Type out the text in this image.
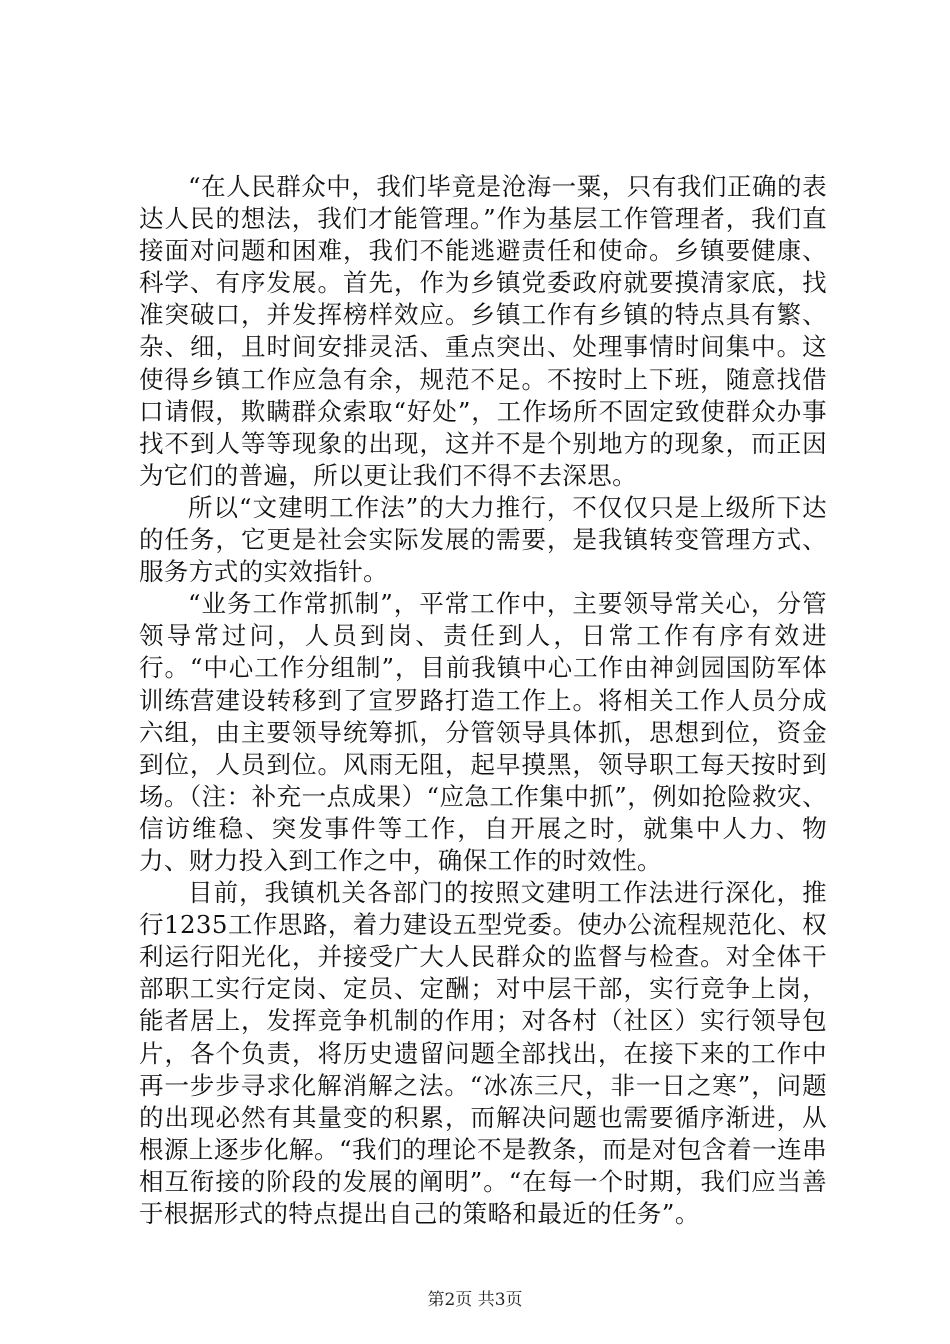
“在人民群众中，我们毕竟是沧海一粟，只有我们正确的表达人民的想法，我们才能管理。”作为基层工作管理者，我们直接面对问题和困难，我们不能逃避责任和使命。乡镇要健康、科学、有序发展。首先，作为乡镇党委政府就要摸清家底，找准突破口，并发挥榜样效应。乡镇工作有乡镇的特点具有繁、杂、细，且时间安排灵活、重点突出、处理事情时间集中。这使得乡镇工作应急有余，规范不足。不按时上下班，随意找借口请假，欺瞒群众索取“好处”，工作场所不固定致使群众办事找不到人等等现象的出现，这并不是个别地方的现象，而正因为它们的普遍，所以更让我们不得不去深思。

所以“文建明工作法”的大力推行，不仅仅只是上级所下达的任务，它更是社会实际发展的需要，是我镇转变管理方式、服务方式的实效指针。

“业务工作常抓制”，平常工作中，主要领导常关心，分管领导常过问，人员到岗、责任到人，日常工作有序有效进行。“中心工作分组制”，目前我镇中心工作由神剑园国防军体训练营建设转移到了宣罗路打造工作上。将相关工作人员分成六组，由主要领导统筹抓，分管领导具体抓，思想到位，资金到位，人员到位。风雨无阻，起早摸黑，领导职工每天按时到场。（注：补充一点成果）“应急工作集中抓”，例如抢险救灾、信访维稳、突发事件等工作，自开展之时，就集中人力、物力、财力投入到工作之中，确保工作的时效性。

目前，我镇机关各部门的按照文建明工作法进行深化，推行1235工作思路，着力建设五型党委。使办公流程规范化、权利运行阳光化，并接受广大人民群众的监督与检查。对全体干部职工实行定岗、定员、定酬；对中层干部，实行竞争上岗，能者居上，发挥竞争机制的作用；对各村（社区）实行领导包片，各个负责，将历史遗留问题全部找出，在接下来的工作中再一步步寻求化解消解之法。“冰冻三尺，非一日之寒”，问题的出现必然有其量变的积累，而解决问题也需要循序渐进，从根源上逐步化解。“我们的理论不是教条，而是对包含着一连串相互衔接的阶段的发展的阐明”。“在每一个时期，我们应当善于根据形式的特点提出自己的策略和最近的任务”。

第2页 共3页
